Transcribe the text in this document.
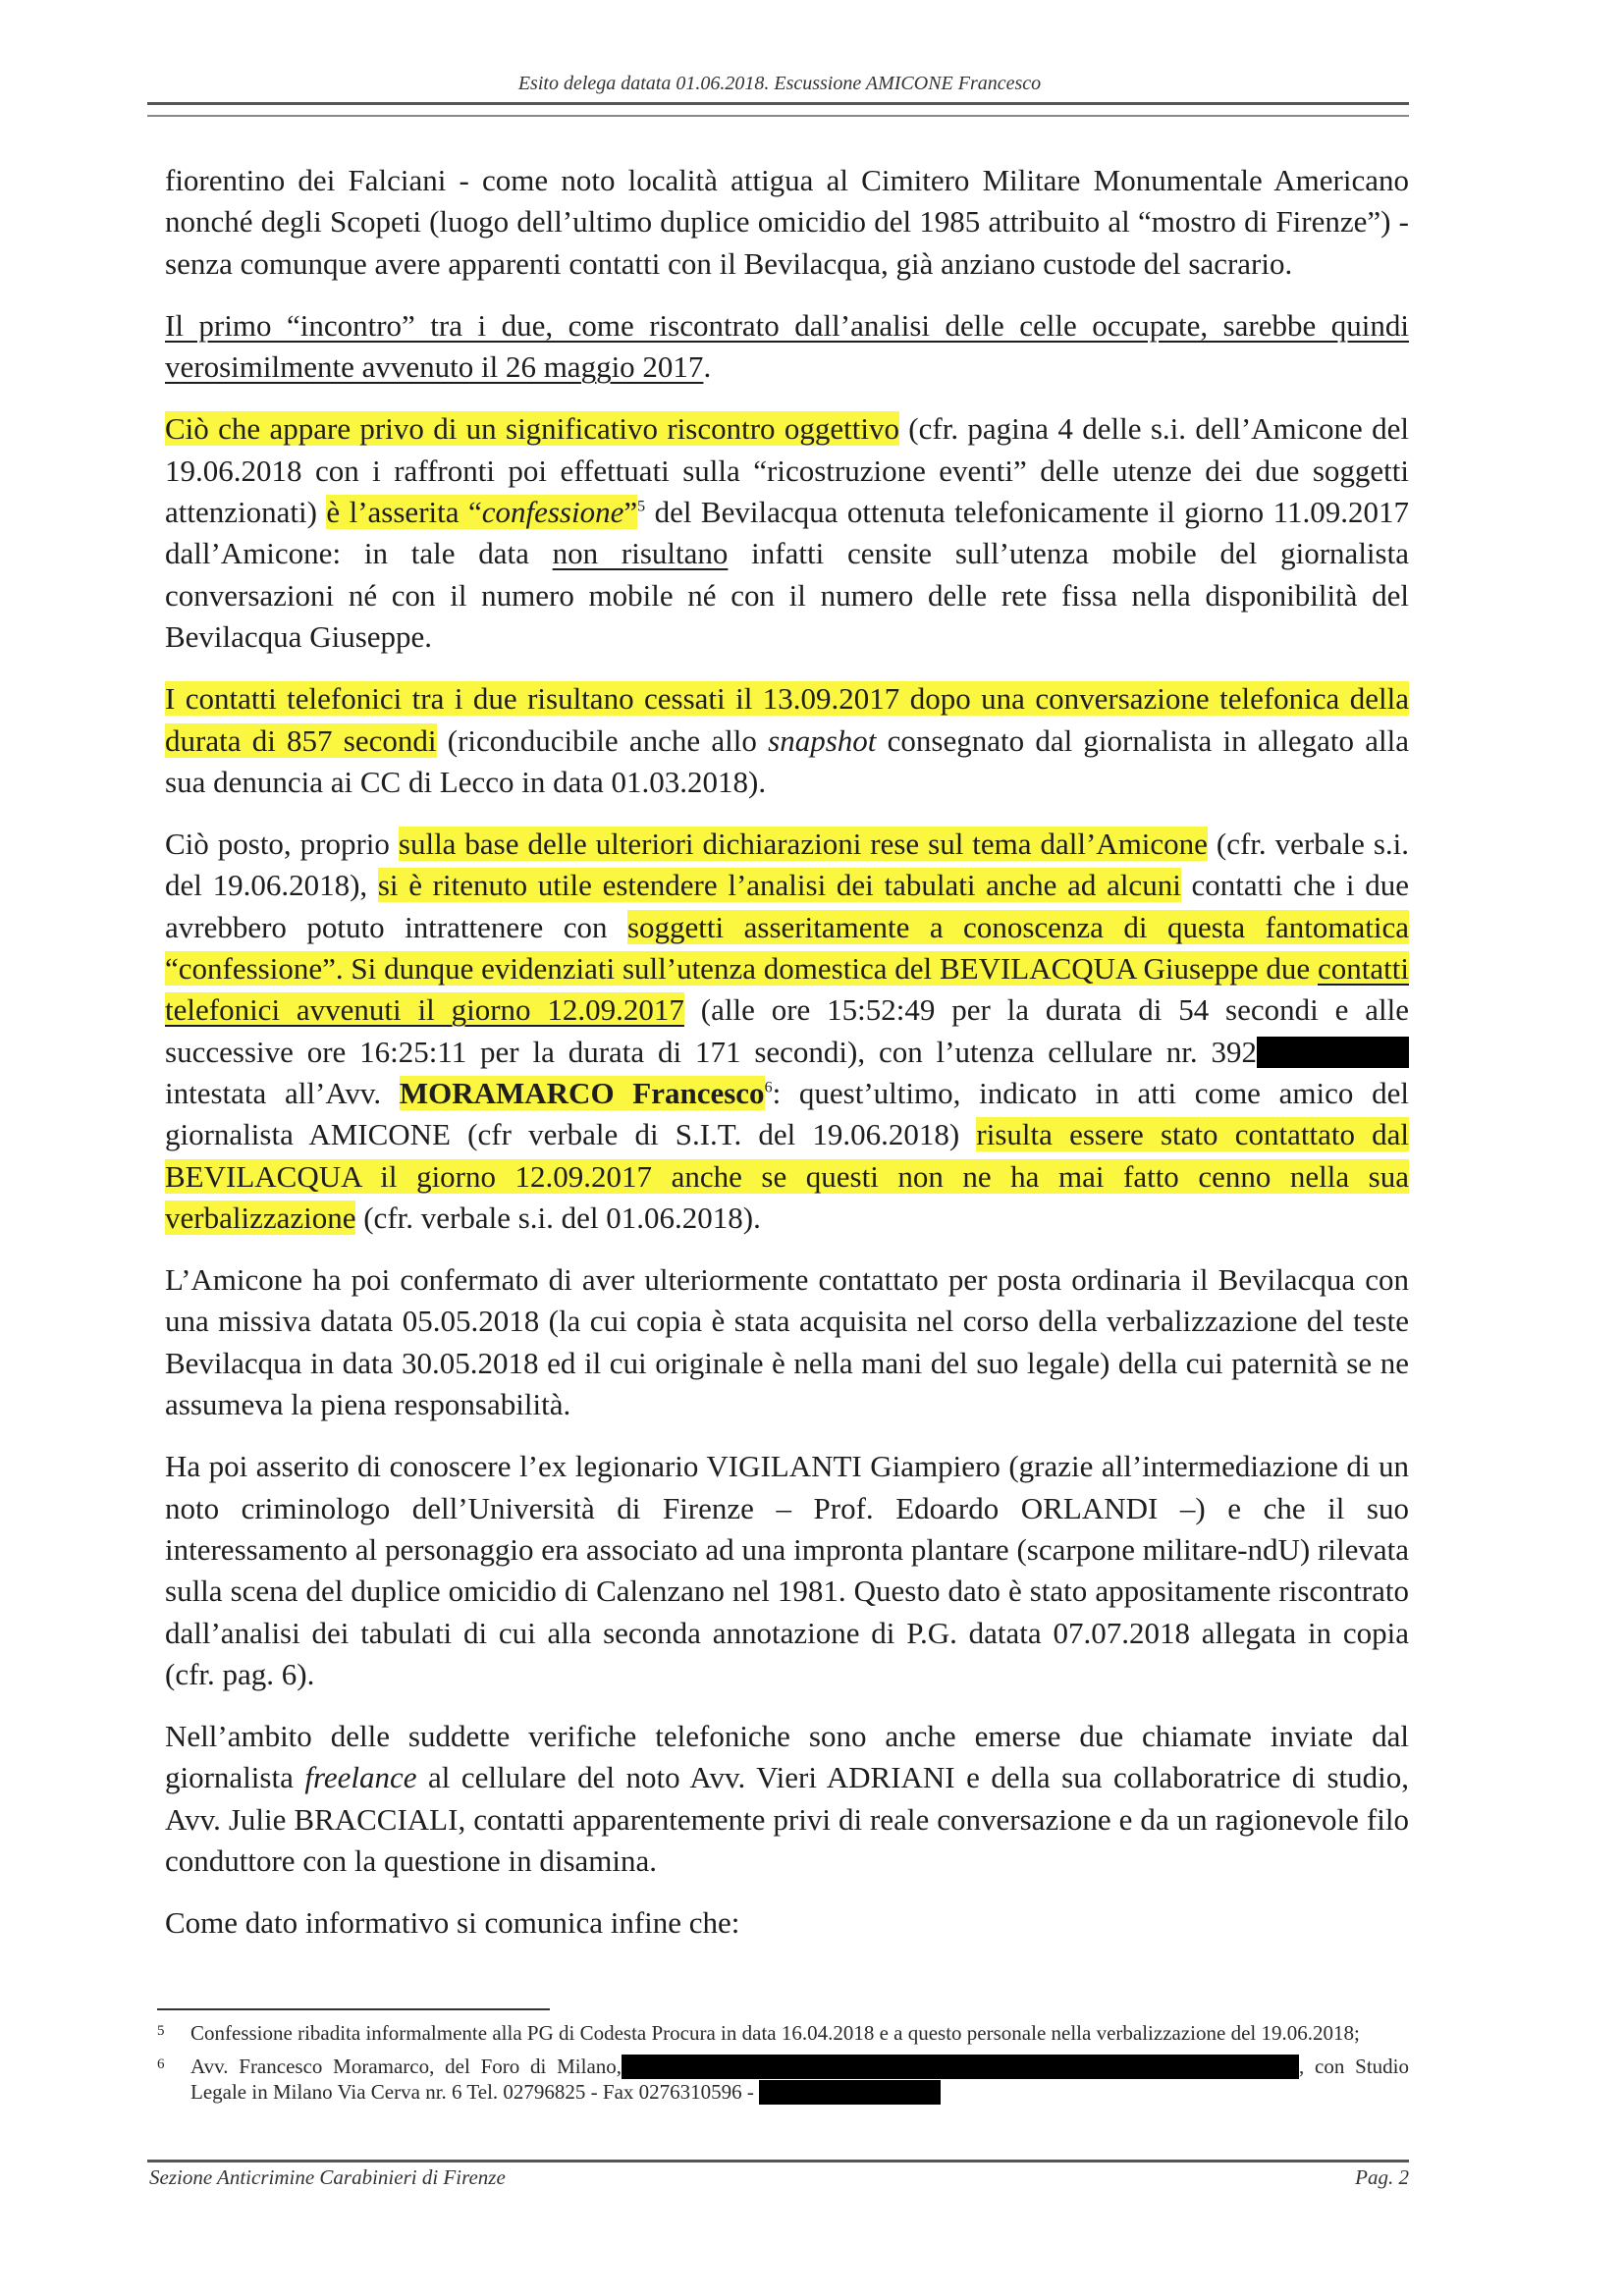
Esito delega datata 01.06.2018. Escussione AMICONE Francesco

fiorentino dei Falciani - come noto località attigua al Cimitero Militare Monumentale Americano nonché degli Scopeti (luogo dell’ultimo duplice omicidio del 1985 attribuito al “mostro di Firenze”) - senza comunque avere apparenti contatti con il Bevilacqua, già anziano custode del sacrario.

Il primo “incontro” tra i due, come riscontrato dall’analisi delle celle occupate, sarebbe quindi verosimilmente avvenuto il 26 maggio 2017.

Ciò che appare privo di un significativo riscontro oggettivo (cfr. pagina 4 delle s.i. dell’Amicone del 19.06.2018 con i raffronti poi effettuati sulla “ricostruzione eventi” delle utenze dei due soggetti attenzionati) è l’asserita “confessione”$^5$ del Bevilacqua ottenuta telefonicamente il giorno 11.09.2017 dall’Amicone: in tale data non risultano infatti censite sull’utenza mobile del giornalista conversazioni né con il numero mobile né con il numero delle rete fissa nella disponibilità del Bevilacqua Giuseppe.

I contatti telefonici tra i due risultano cessati il 13.09.2017 dopo una conversazione telefonica della durata di 857 secondi (riconducibile anche allo snapshot consegnato dal giornalista in allegato alla sua denuncia ai CC di Lecco in data 01.03.2018).

Ciò posto, proprio sulla base delle ulteriori dichiarazioni rese sul tema dall’Amicone (cfr. verbale s.i. del 19.06.2018), si è ritenuto utile estendere l’analisi dei tabulati anche ad alcuni contatti che i due avrebbero potuto intrattenere con soggetti asseritamente a conoscenza di questa fantomatica “confessione”. Si dunque evidenziati sull’utenza domestica del BEVILACQUA Giuseppe due contatti telefonici avvenuti il giorno 12.09.2017 (alle ore 15:52:49 per la durata di 54 secondi e alle successive ore 16:25:11 per la durata di 171 secondi), con l’utenza cellulare nr. 392 intestata all’Avv. MORAMARCO Francesco$^6$: quest’ultimo, indicato in atti come amico del giornalista AMICONE (cfr verbale di S.I.T. del 19.06.2018) risulta essere stato contattato dal BEVILACQUA il giorno 12.09.2017 anche se questi non ne ha mai fatto cenno nella sua verbalizzazione (cfr. verbale s.i. del 01.06.2018).

L’Amicone ha poi confermato di aver ulteriormente contattato per posta ordinaria il Bevilacqua con una missiva datata 05.05.2018 (la cui copia è stata acquisita nel corso della verbalizzazione del teste Bevilacqua in data 30.05.2018 ed il cui originale è nella mani del suo legale) della cui paternità se ne assumeva la piena responsabilità.

Ha poi asserito di conoscere l’ex legionario VIGILANTI Giampiero (grazie all’intermediazione di un noto criminologo dell’Università di Firenze – Prof. Edoardo ORLANDI –) e che il suo interessamento al personaggio era associato ad una impronta plantare (scarpone militare-ndU) rilevata sulla scena del duplice omicidio di Calenzano nel 1981. Questo dato è stato appositamente riscontrato dall’analisi dei tabulati di cui alla seconda annotazione di P.G. datata 07.07.2018 allegata in copia (cfr. pag. 6).

Nell’ambito delle suddette verifiche telefoniche sono anche emerse due chiamate inviate dal giornalista freelance al cellulare del noto Avv. Vieri ADRIANI e della sua collaboratrice di studio, Avv. Julie BRACCIALI, contatti apparentemente privi di reale conversazione e da un ragionevole filo conduttore con la questione in disamina.

Come dato informativo si comunica infine che:

5 Confessione ribadita informalmente alla PG di Codesta Procura in data 16.04.2018 e a questo personale nella verbalizzazione del 19.06.2018;
6 Avv. Francesco Moramarco, del Foro di Milano,	, con Studio Legale in Milano Via Cerva nr. 6 Tel. 02796825 - Fax 0276310596 -
Sezione Anticrimine Carabinieri di Firenze	Pag. 2
